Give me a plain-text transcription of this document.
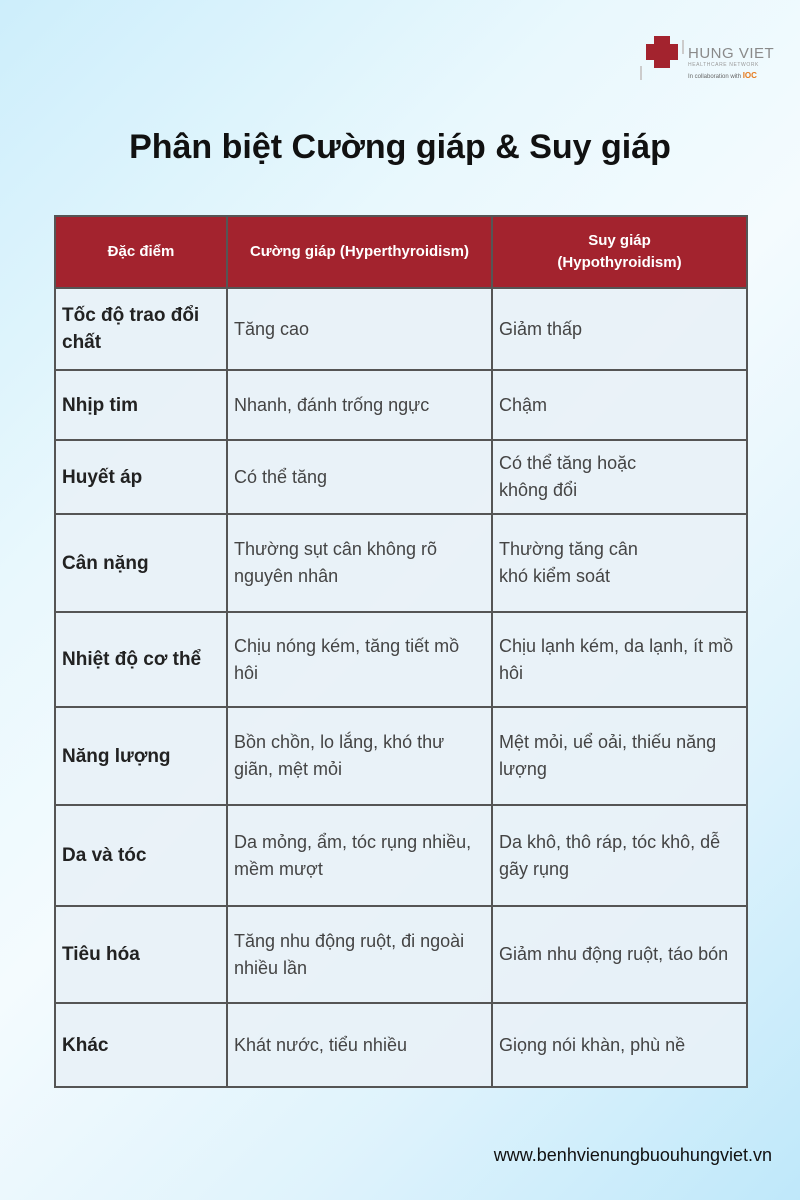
HUNG VIET
HEALTHCARE NETWORK
In collaboration with IOC
Phân biệt Cường giáp & Suy giáp
Đặc điểm	Cường giáp (Hyperthyroidism)	Suy giáp
(Hypothyroidism)
Tốc độ trao đổi chất	Tăng cao	Giảm thấp
Nhịp tim	Nhanh, đánh trống ngực	Chậm
Huyết áp	Có thể tăng	Có thể tăng hoặc
không đổi
Cân nặng	Thường sụt cân không rõ nguyên nhân	Thường tăng cân
khó kiểm soát
Nhiệt độ cơ thể	Chịu nóng kém, tăng tiết mồ hôi	Chịu lạnh kém, da lạnh, ít mồ hôi
Năng lượng	Bồn chồn, lo lắng, khó thư giãn, mệt mỏi	Mệt mỏi, uể oải, thiếu năng lượng
Da và tóc	Da mỏng, ẩm, tóc rụng nhiều, mềm mượt	Da khô, thô ráp, tóc khô, dễ gãy rụng
Tiêu hóa	Tăng nhu động ruột, đi ngoài nhiều lần	Giảm nhu động ruột, táo bón
Khác	Khát nước, tiểu nhiều	Giọng nói khàn, phù nề
www.benhvienungbuouhungviet.vn
